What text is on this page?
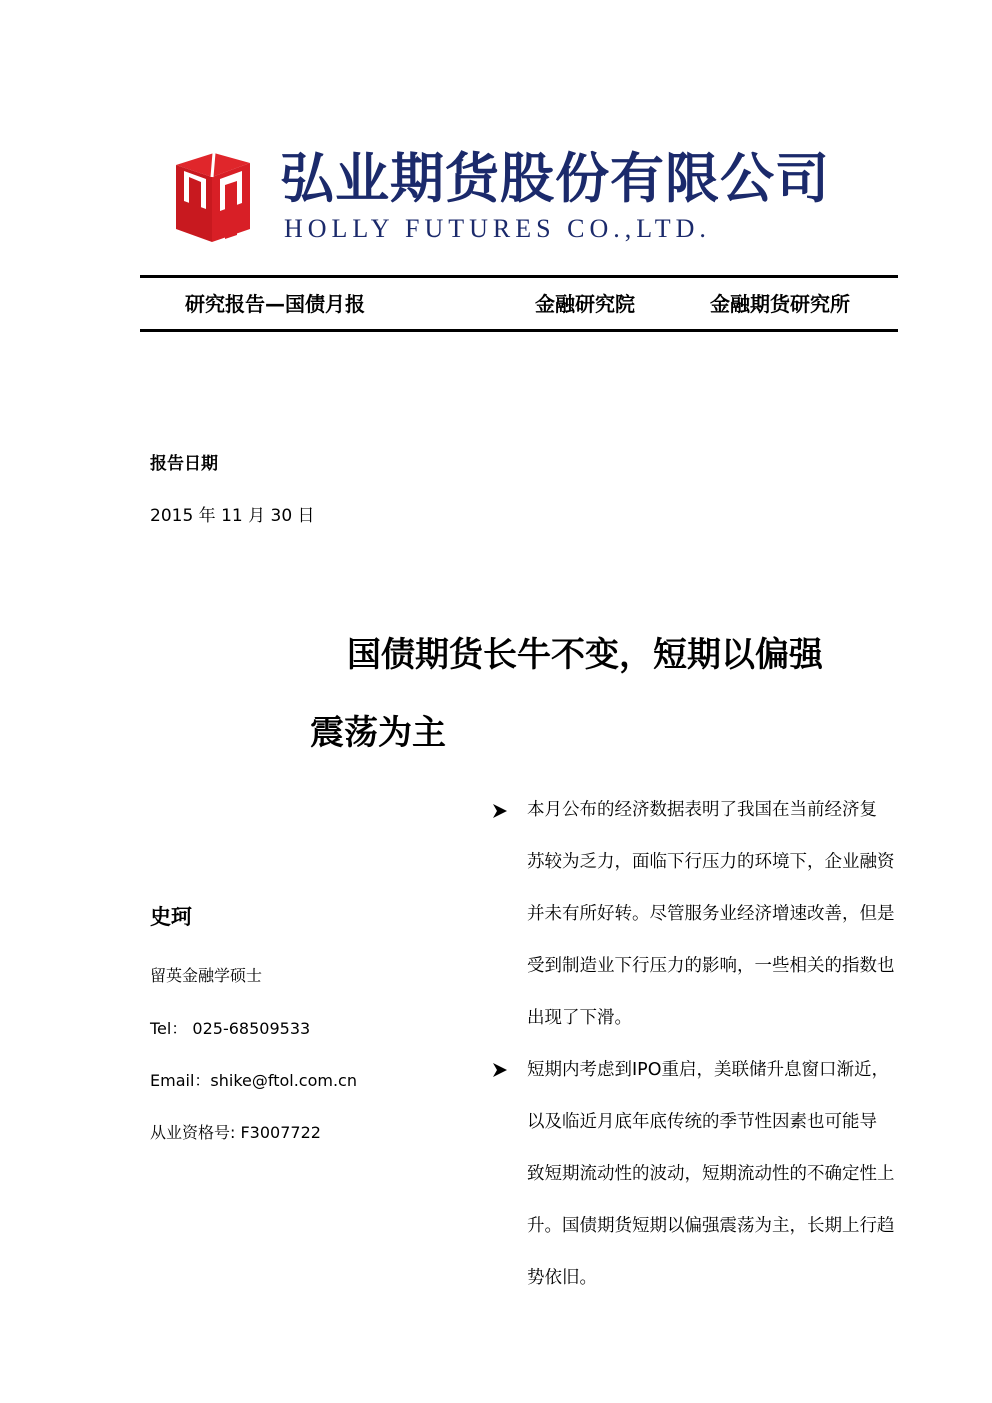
弘业期货股份有限公司
HOLLY FUTURES CO.,LTD.
研究报告—国债月报	金融研究院	金融期货研究所
报告日期
2015 年 11 月 30 日
国债期货长牛不变，短期以偏强
震荡为主
史珂
留英金融学硕士
Tel： 025-68509533
Email：shike@ftol.com.cn
从业资格号: F3007722
本月公布的经济数据表明了我国在当前经济复
苏较为乏力，面临下行压力的环境下，企业融资
并未有所好转。尽管服务业经济增速改善，但是
受到制造业下行压力的影响，一些相关的指数也
出现了下滑。
短期内考虑到IPO重启，美联储升息窗口渐近，
以及临近月底年底传统的季节性因素也可能导
致短期流动性的波动，短期流动性的不确定性上
升。国债期货短期以偏强震荡为主，长期上行趋
势依旧。
